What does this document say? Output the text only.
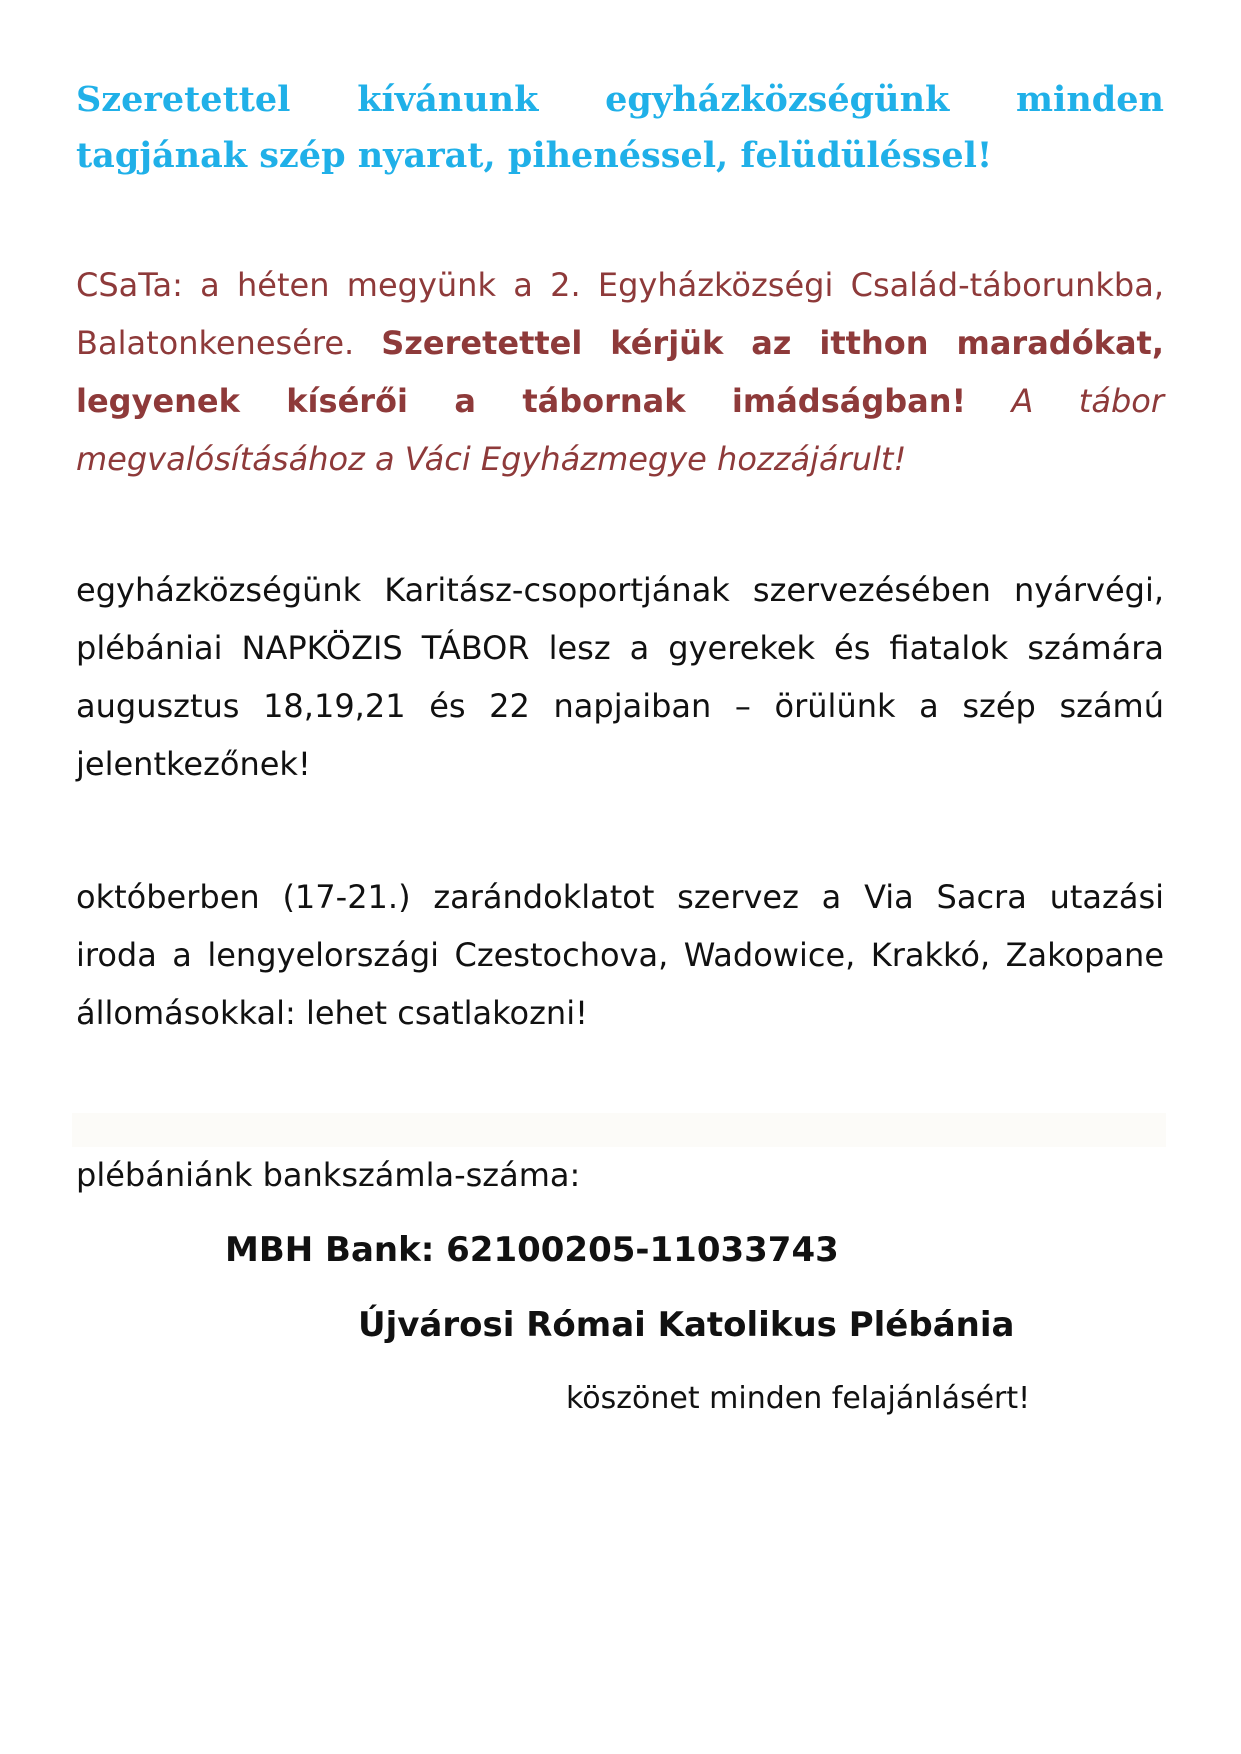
Szeretettel kívánunk egyházközségünk minden
tagjának szép nyarat, pihenéssel, felüdüléssel!
CSaTa: a héten megyünk a 2. Egyházközségi Család-táborunkba, Balatonkenesére. Szeretettel kérjük az itthon maradókat, legyenek kísérői a tábornak imádságban! A tábor megvalósításához a Váci Egyházmegye hozzájárult!
egyházközségünk Karitász-csoportjának szervezésében nyárvégi, plébániai NAPKÖZIS TÁBOR lesz a gyerekek és fiatalok számára augusztus 18,19,21 és 22 napjaiban – örülünk a szép számú jelentkezőnek!
októberben (17-21.) zarándoklatot szervez a Via Sacra utazási iroda a lengyelországi Czestochova, Wadowice, Krakkó, Zakopane állomásokkal: lehet csatlakozni!
plébániánk bankszámla-száma:
MBH Bank: 62100205-11033743
Újvárosi Római Katolikus Plébánia
köszönet minden felajánlásért!
